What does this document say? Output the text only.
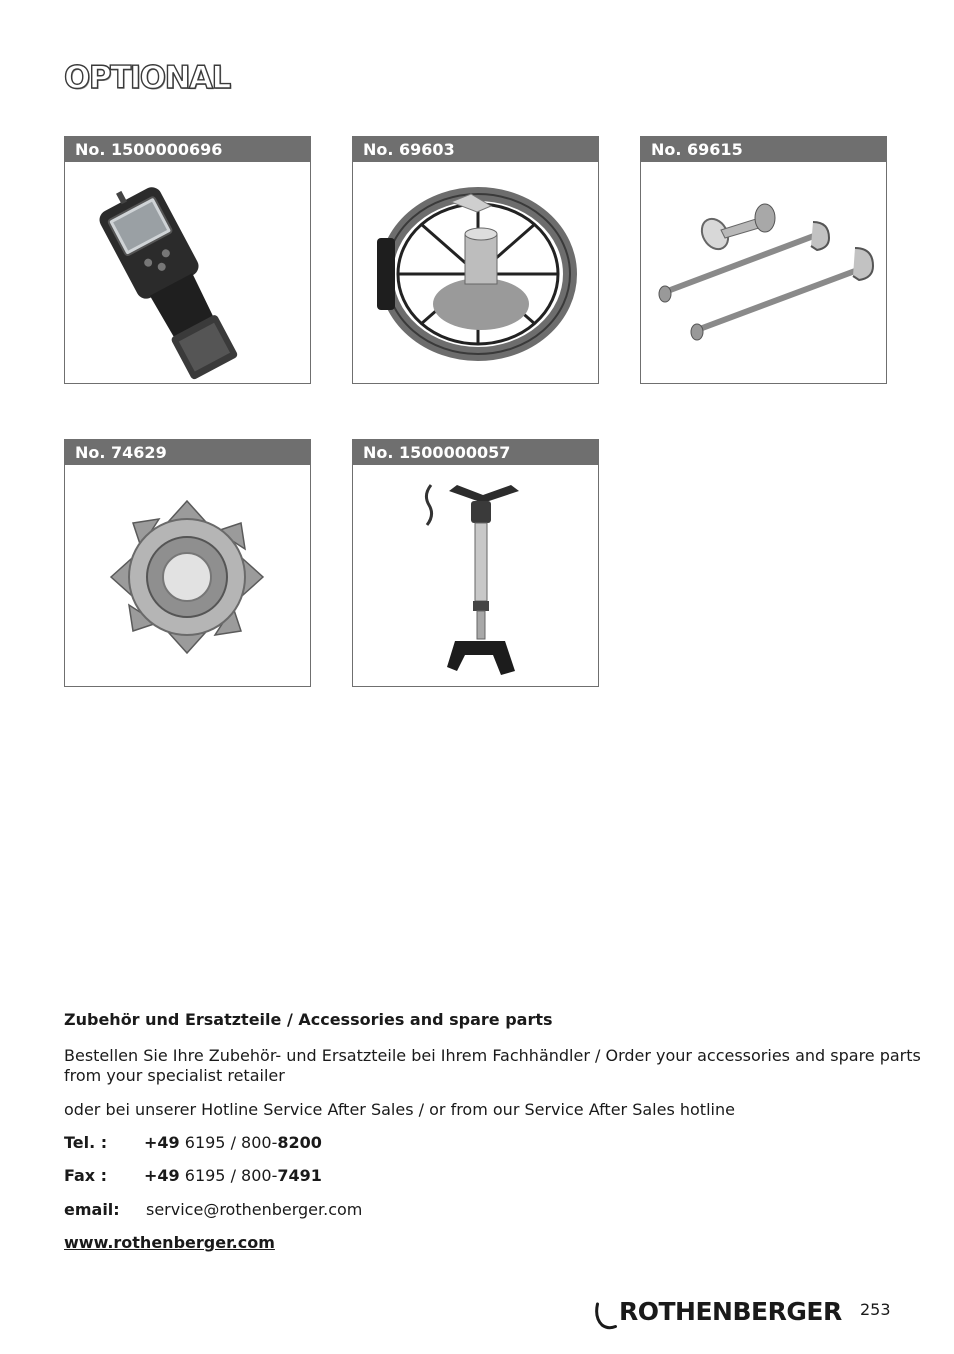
OPTIONAL
No. 1500000696	No. 69603	No. 69615
No. 74629	No. 1500000057
Zubehör und Ersatzteile / Accessories and spare parts
Bestellen Sie Ihre Zubehör- und Ersatzteile bei Ihrem Fachhändler / Order your accessories and spare parts
from your specialist retailer
oder bei unserer Hotline Service After Sales / or from our Service After Sales hotline
Tel. : +49 6195 / 800-8200
Fax : +49 6195 / 800-7491
email: service@rothenberger.com
www.rothenberger.com
ROTHENBERGER 253
